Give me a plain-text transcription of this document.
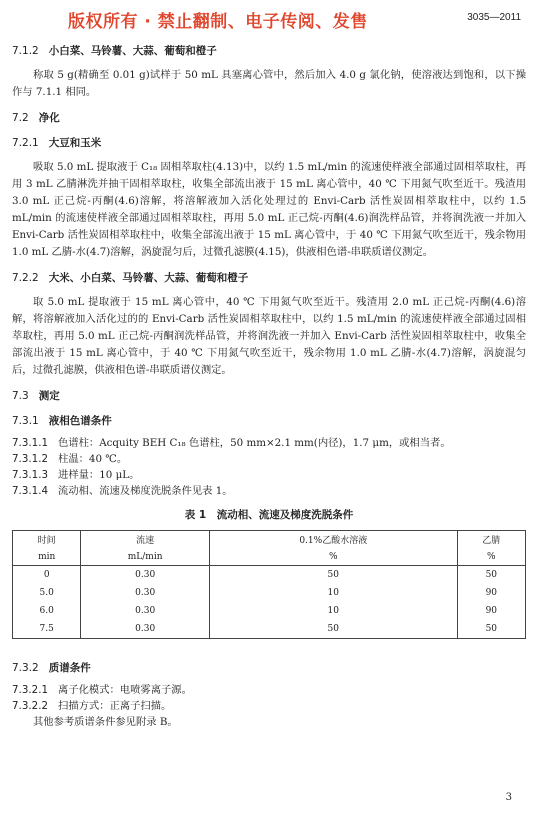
版权所有 · 禁止翻制、电子传阅、发售	3035—2011

7.1.2 小白菜、马铃薯、大蒜、葡萄和橙子

称取 5 g(精确至 0.01 g)试样于 50 mL 具塞离心管中，然后加入 4.0 g 氯化钠，使溶液达到饱和，以下操作与 7.1.1 相同。

7.2 净化

7.2.1 大豆和玉米

吸取 5.0 mL 提取液于 C₁₈ 固相萃取柱(4.13)中，以约 1.5 mL/min 的流速使样液全部通过固相萃取柱，再用 3 mL 乙腈淋洗并抽干固相萃取柱，收集全部流出液于 15 mL 离心管中，40 ℃ 下用氮气吹至近干。残渣用 3.0 mL 正己烷-丙酮(4.6)溶解，将溶解液加入活化处理过的 Envi-Carb 活性炭固相萃取柱中，以约 1.5 mL/min 的流速使样液全部通过固相萃取柱，再用 5.0 mL 正己烷-丙酮(4.6)润洗样品管，并将润洗液一并加入 Envi-Carb 活性炭固相萃取柱中，收集全部流出液于 15 mL 离心管中，于 40 ℃ 下用氮气吹至近干，残余物用 1.0 mL 乙腈-水(4.7)溶解，涡旋混匀后，过微孔滤膜(4.15)，供液相色谱-串联质谱仪测定。

7.2.2 大米、小白菜、马铃薯、大蒜、葡萄和橙子

取 5.0 mL 提取液于 15 mL 离心管中，40 ℃ 下用氮气吹至近干。残渣用 2.0 mL 正己烷-丙酮(4.6)溶解，将溶解液加入活化过的的 Envi-Carb 活性炭固相萃取柱中，以约 1.5 mL/min 的流速使样液全部通过固相萃取柱，再用 5.0 mL 正己烷-丙酮润洗样品管，并将润洗液一并加入 Envi-Carb 活性炭固相萃取柱中，收集全部流出液于 15 mL 离心管中，于 40 ℃ 下用氮气吹至近干，残余物用 1.0 mL 乙腈-水(4.7)溶解，涡旋混匀后，过微孔滤膜，供液相色谱-串联质谱仪测定。

7.3 测定

7.3.1 液相色谱条件

7.3.1.1 色谱柱：Acquity BEH C₁₈ 色谱柱，50 mm×2.1 mm(内径)，1.7 μm，或相当者。

7.3.1.2 柱温：40 ℃。

7.3.1.3 进样量：10 μL。

7.3.1.4 流动相、流速及梯度洗脱条件见表 1。

表 1　流动相、流速及梯度洗脱条件

时间	流速	0.1%乙酸水溶液	乙腈
min	mL/min	%	%
0	0.30	50	50
5.0	0.30	10	90
6.0	0.30	10	90
7.5	0.30	50	50

7.3.2 质谱条件

7.3.2.1 离子化模式：电喷雾离子源。

7.3.2.2 扫描方式：正离子扫描。

其他参考质谱条件参见附录 B。

3
